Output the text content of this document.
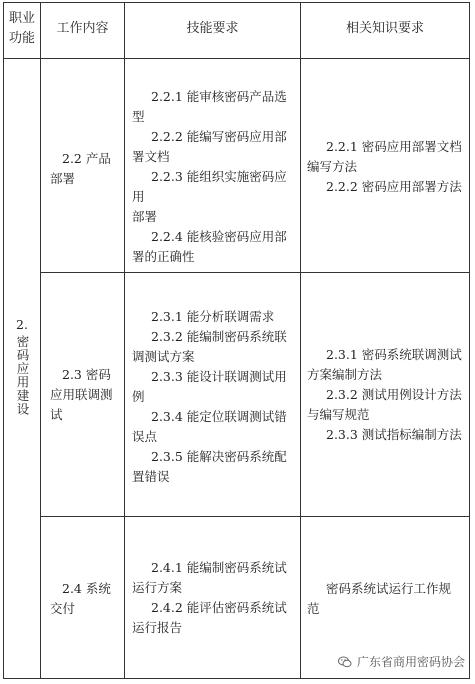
职业
功能
工作内容	技能要求	相关知识要求
2.
密码应用建设
2.2 产品
部署

2.2.1 能审核密码产品选
型

2.2.2 能编写密码应用部
署文档

2.2.3 能组织实施密码应用
部署

2.2.4 能核验密码应用部
署的正确性

2.2.1 密码应用部署文档
编写方法

2.2.2 密码应用部署方法

2.3 密码
应用联调测
试

2.3.1 能分析联调需求

2.3.2 能编制密码系统联
调测试方案

2.3.3 能设计联调测试用
例

2.3.4 能定位联调测试错
误点

2.3.5 能解决密码系统配
置错误

2.3.1 密码系统联调测试
方案编制方法

2.3.2 测试用例设计方法
与编写规范

2.3.3 测试指标编制方法

2.4 系统
交付

2.4.1 能编制密码系统试
运行方案

2.4.2 能评估密码系统试
运行报告

密码系统试运行工作规
范

广东省商用密码协会
